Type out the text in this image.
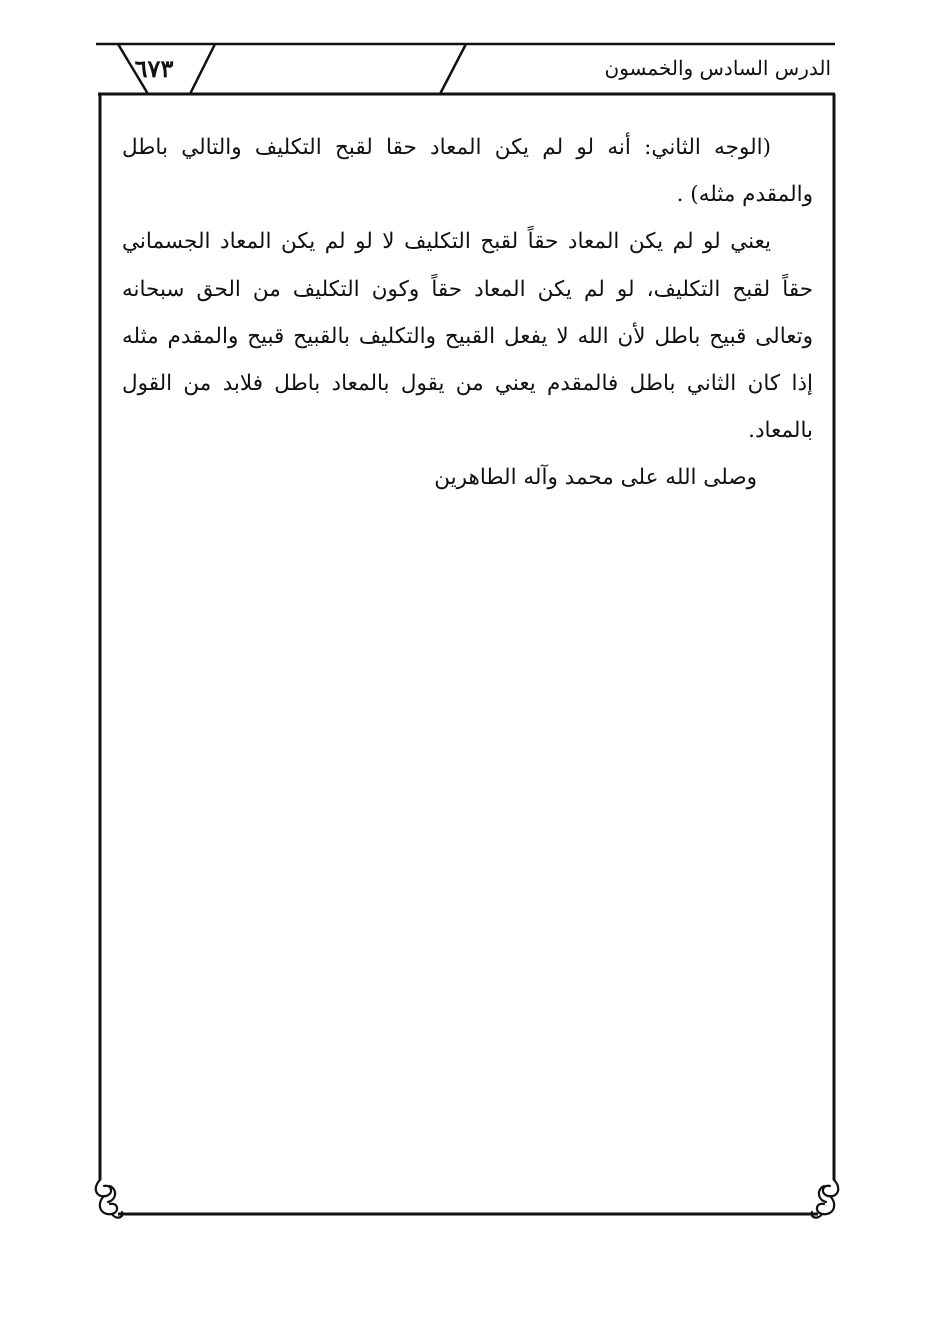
٦٧٣	الدرس السادس والخمسون

(الوجه الثاني: أنه لو لم يكن المعاد حقا لقبح التكليف والتالي باطل والمقدم مثله) .

يعني لو لم يكن المعاد حقاً لقبح التكليف لا لو لم يكن المعاد الجسماني حقاً لقبح التكليف، لو لم يكن المعاد حقاً وكون التكليف من الحق سبحانه وتعالى قبيح باطل لأن الله لا يفعل القبيح والتكليف بالقبيح قبيح والمقدم مثله إذا كان الثاني باطل فالمقدم يعني من يقول بالمعاد باطل فلابد من القول بالمعاد.

وصلى الله على محمد وآله الطاهرين
